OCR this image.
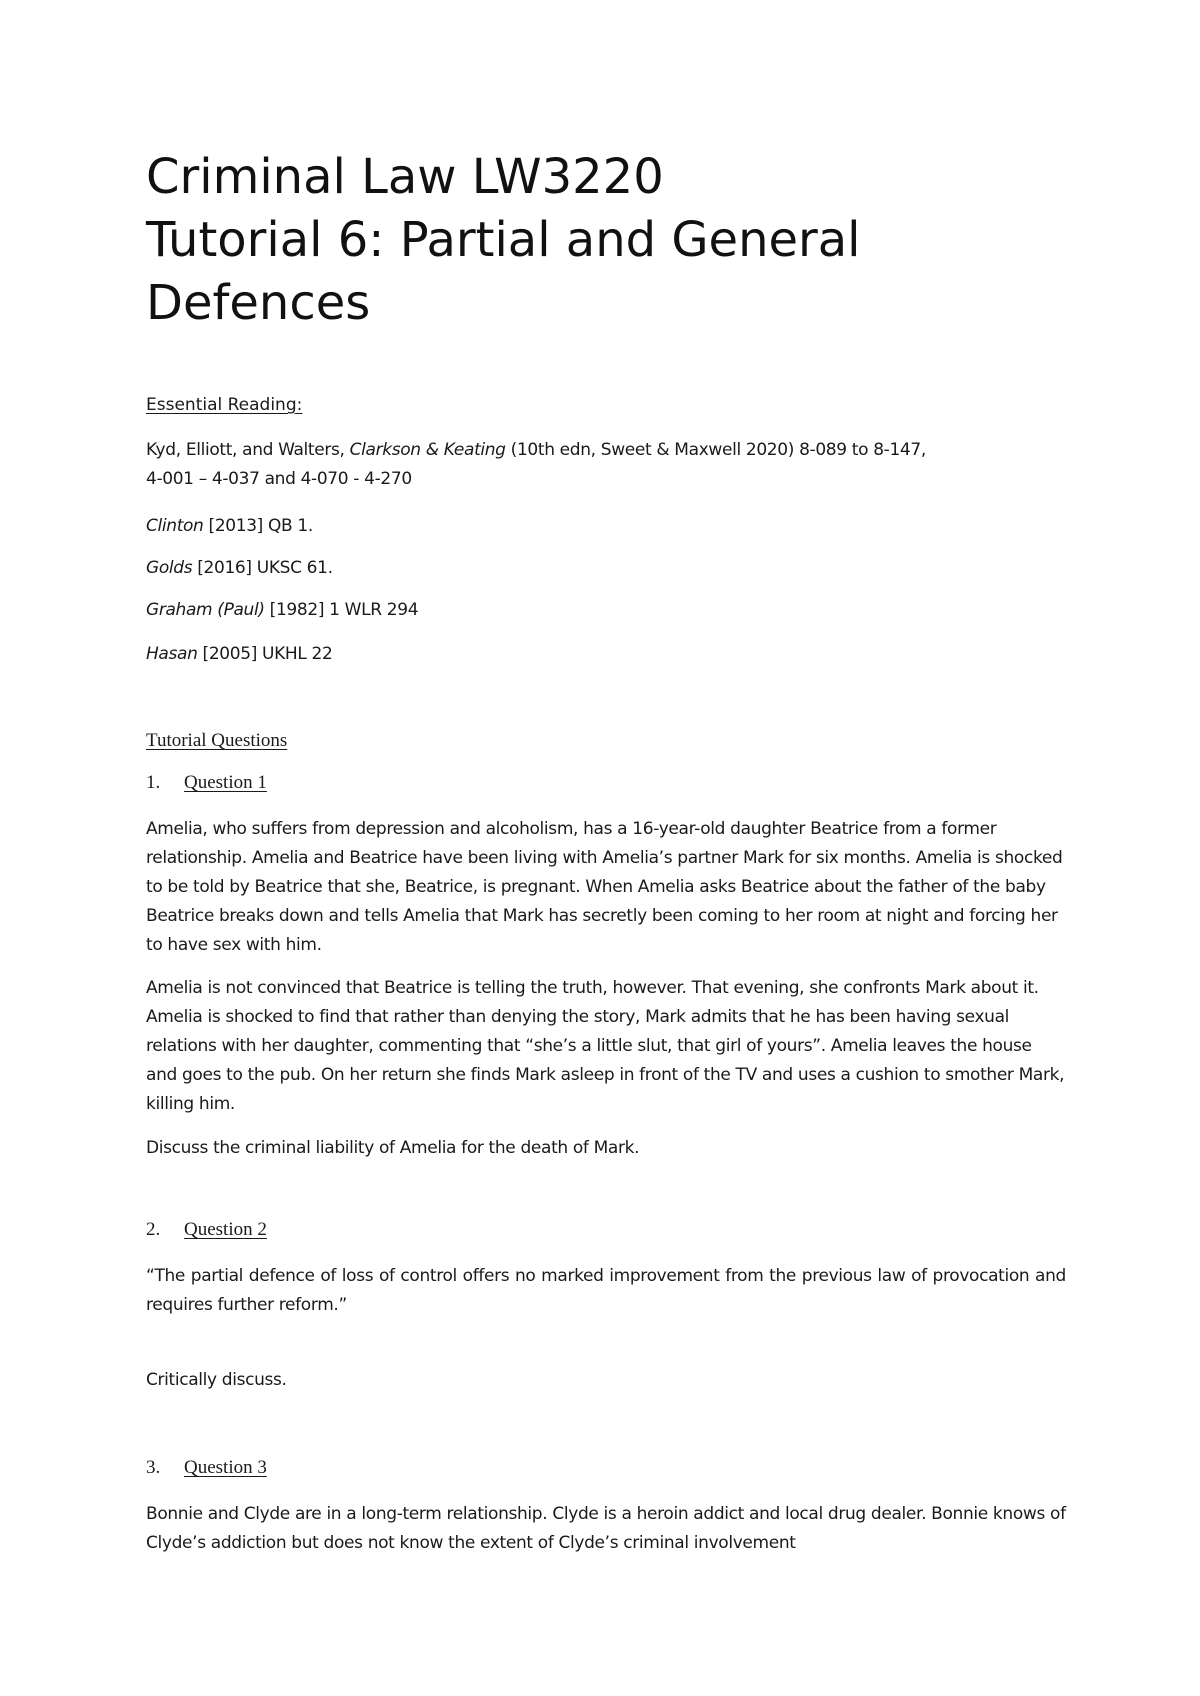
Criminal Law LW3220
Tutorial 6: Partial and General
Defences

Essential Reading:

Kyd, Elliott, and Walters, Clarkson & Keating (10th edn, Sweet & Maxwell 2020) 8-089 to 8-147,
4-001 – 4-037 and 4-070 - 4-270
Clinton [2013] QB 1.
Golds [2016] UKSC 61.
Graham (Paul) [1982] 1 WLR 294
Hasan [2005] UKHL 22

Tutorial Questions

1.	Question 1

Amelia, who suffers from depression and alcoholism, has a 16-year-old daughter Beatrice from a former relationship. Amelia and Beatrice have been living with Amelia’s partner Mark for six months. Amelia is shocked to be told by Beatrice that she, Beatrice, is pregnant. When Amelia asks Beatrice about the father of the baby Beatrice breaks down and tells Amelia that Mark has secretly been coming to her room at night and forcing her to have sex with him.

Amelia is not convinced that Beatrice is telling the truth, however. That evening, she confronts Mark about it. Amelia is shocked to find that rather than denying the story, Mark admits that he has been having sexual relations with her daughter, commenting that “she’s a little slut, that girl of yours”. Amelia leaves the house and goes to the pub. On her return she finds Mark asleep in front of the TV and uses a cushion to smother Mark, killing him.

Discuss the criminal liability of Amelia for the death of Mark.

2.	Question 2

“The partial defence of loss of control offers no marked improvement from the previous law of provocation and requires further reform.”

Critically discuss.

3.	Question 3

Bonnie and Clyde are in a long-term relationship. Clyde is a heroin addict and local drug dealer. Bonnie knows of Clyde’s addiction but does not know the extent of Clyde’s criminal involvement
